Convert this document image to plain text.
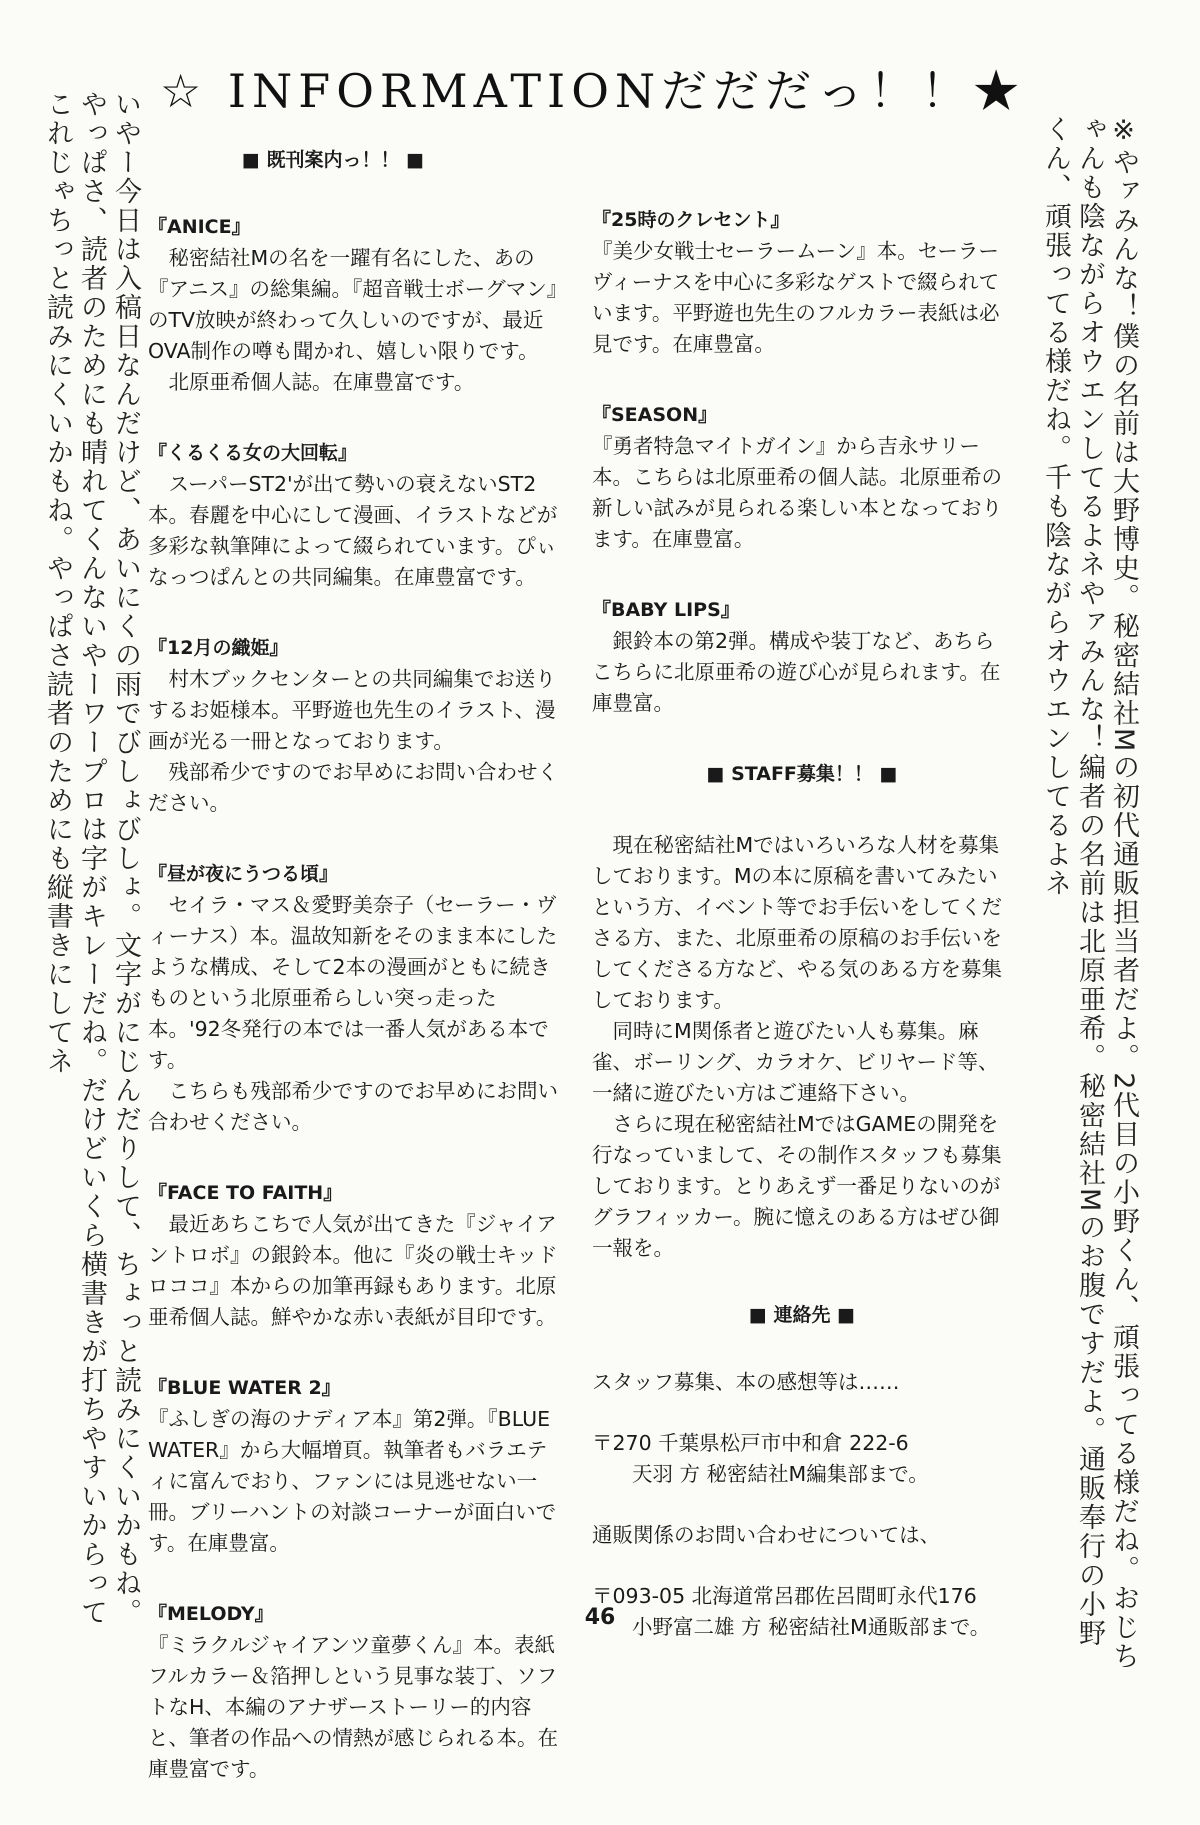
☆ INFORMATIONだだだっ！！★
■ 既刊案内っ！！ ■

『ANICE』

　秘密結社Mの名を一躍有名にした、あの『アニス』の総集編。『超音戦士ボーグマン』のTV放映が終わって久しいのですが、最近OVA制作の噂も聞かれ、嬉しい限りです。
　北原亜希個人誌。在庫豊富です。

『くるくる女の大回転』

　スーパーST2'が出て勢いの衰えないST2本。春麗を中心にして漫画、イラストなどが多彩な執筆陣によって綴られています。ぴぃなっつぱんとの共同編集。在庫豊富です。

『12月の織姫』

　村木ブックセンターとの共同編集でお送りするお姫様本。平野遊也先生のイラスト、漫画が光る一冊となっております。
　残部希少ですのでお早めにお問い合わせください。

『昼が夜にうつる頃』

　セイラ・マス＆愛野美奈子（セーラー・ヴィーナス）本。温故知新をそのまま本にしたような構成、そして2本の漫画がともに続きものという北原亜希らしい突っ走った本。'92冬発行の本では一番人気がある本です。
　こちらも残部希少ですのでお早めにお問い合わせください。

『FACE TO FAITH』

　最近あちこちで人気が出てきた『ジャイアントロボ』の銀鈴本。他に『炎の戦士キッドロココ』本からの加筆再録もあります。北原亜希個人誌。鮮やかな赤い表紙が目印です。

『BLUE WATER 2』

『ふしぎの海のナディア本』第2弾。『BLUE WATER』から大幅増頁。執筆者もバラエティに富んでおり、ファンには見逃せない一冊。ブリーハントの対談コーナーが面白いです。在庫豊富。

『MELODY』

『ミラクルジャイアンツ童夢くん』本。表紙フルカラー＆箔押しという見事な装丁、ソフトなH、本編のアナザーストーリー的内容と、筆者の作品への情熱が感じられる本。在庫豊富です。

『25時のクレセント』

『美少女戦士セーラームーン』本。セーラーヴィーナスを中心に多彩なゲストで綴られています。平野遊也先生のフルカラー表紙は必見です。在庫豊富。

『SEASON』

『勇者特急マイトガイン』から吉永サリー本。こちらは北原亜希の個人誌。北原亜希の新しい試みが見られる楽しい本となっております。在庫豊富。

『BABY LIPS』

　銀鈴本の第2弾。構成や装丁など、あちらこちらに北原亜希の遊び心が見られます。在庫豊富。

■ STAFF募集！！ ■

現在秘密結社Mではいろいろな人材を募集しております。Mの本に原稿を書いてみたいという方、イベント等でお手伝いをしてくださる方、また、北原亜希の原稿のお手伝いをしてくださる方など、やる気のある方を募集しております。

同時にM関係者と遊びたい人も募集。麻雀、ボーリング、カラオケ、ビリヤード等、一緒に遊びたい方はご連絡下さい。

さらに現在秘密結社MではGAMEの開発を行なっていまして、その制作スタッフも募集しております。とりあえず一番足りないのがグラフィッカー。腕に憶えのある方はぜひ御一報を。

■ 連絡先 ■

スタッフ募集、本の感想等は……

〒270 千葉県松戸市中和倉 222-6

天羽 方 秘密結社M編集部まで。

通販関係のお問い合わせについては、

〒093-05 北海道常呂郡佐呂間町永代176

小野富二雄 方 秘密結社M通販部まで。

いやー今日は入稿日なんだけど、あいにくの雨でびしょびしょ。文字がにじんだりして、ちょっと読みにくいかもね。やっぱさ、読者のためにも晴れてくんないやーワープロは字がキレーだね。だけどいくら横書きが打ちやすいからってこれじゃちっと読みにくいかもね。やっぱさ読者のためにも縦書きにしてネ	※やァみんな！僕の名前は大野博史。秘密結社Mの初代通販担当者だよ。2代目の小野くん、頑張ってる様だね。おじちゃんも陰ながらオウエンしてるよネやァみんな！編者の名前は北原亜希。秘密結社Mのお腹ですだよ。通販奉行の小野くん、頑張ってる様だね。千も陰ながらオウエンしてるよネ
46
